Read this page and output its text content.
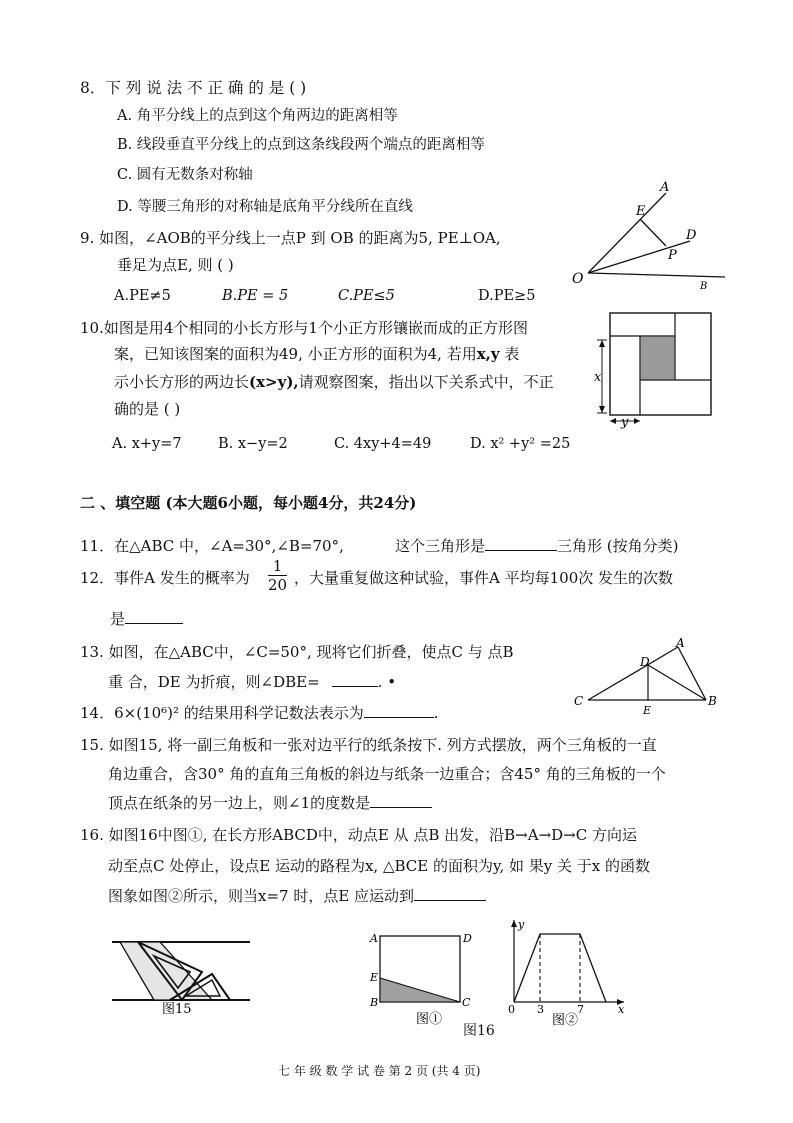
8．下 列 说 法 不 正 确 的 是 ( )
A. 角平分线上的点到这个角两边的距离相等
B. 线段垂直平分线上的点到这条线段两个端点的距离相等
C. 圆有无数条对称轴
D. 等腰三角形的对称轴是底角平分线所在直线
9. 如图，∠AOB的平分线上一点P 到 OB 的距离为5, PE⊥OA,
垂足为点E, 则 ( )
A.PE≠5	B.PE = 5	C.PE≤5	D.PE≥5
A
E
D
P
O	B
10.如图是用4个相同的小长方形与1个小正方形镶嵌而成的正方形图
案，已知该图案的面积为49, 小正方形的面积为4, 若用x,y 表
示小长方形的两边长(x>y),请观察图案，指出以下关系式中，不正
确的是 ( )
A. x+y=7	B. x−y=2	C. 4xy+4=49	D. x² +y² =25
x
y
二 、填空题 (本大题6小题，每小题4分，共24分)
11．在△ABC 中，∠A=30°,∠B=70°,	这个三角形是	三角形 (按角分类)
12．事件A 发生的概率为 $\frac{1}{20}$ ，大量重复做这种试验，事件A 平均每100次 发生的次数
是
13. 如图，在△ABC中，∠C=50°, 现将它们折叠，使点C 与 点B
重 合，DE 为折痕，则∠DBE=	. •
A
D
C
E
B
14．6×(10⁶)² 的结果用科学记数法表示为	.
15. 如图15, 将一副三角板和一张对边平行的纸条按下. 列方式摆放，两个三角板的一直
角边重合，含30° 角的直角三角板的斜边与纸条一边重合；含45° 角的三角板的一个
顶点在纸条的另一边上，则∠1的度数是
16. 如图16中图①, 在长方形ABCD中，动点E 从 点B 出发，沿B→A→D→C 方向运
动至点C 处停止，设点E 运动的路程为x, △BCE 的面积为y, 如 果y 关 于x 的函数
图象如图②所示，则当x=7 时，点E 应运动到
图15
A	D
E
B	C
图①
y
x
0 3	7
图②
图16
七 年 级 数 学 试 卷 第 2 页 (共 4 页)
